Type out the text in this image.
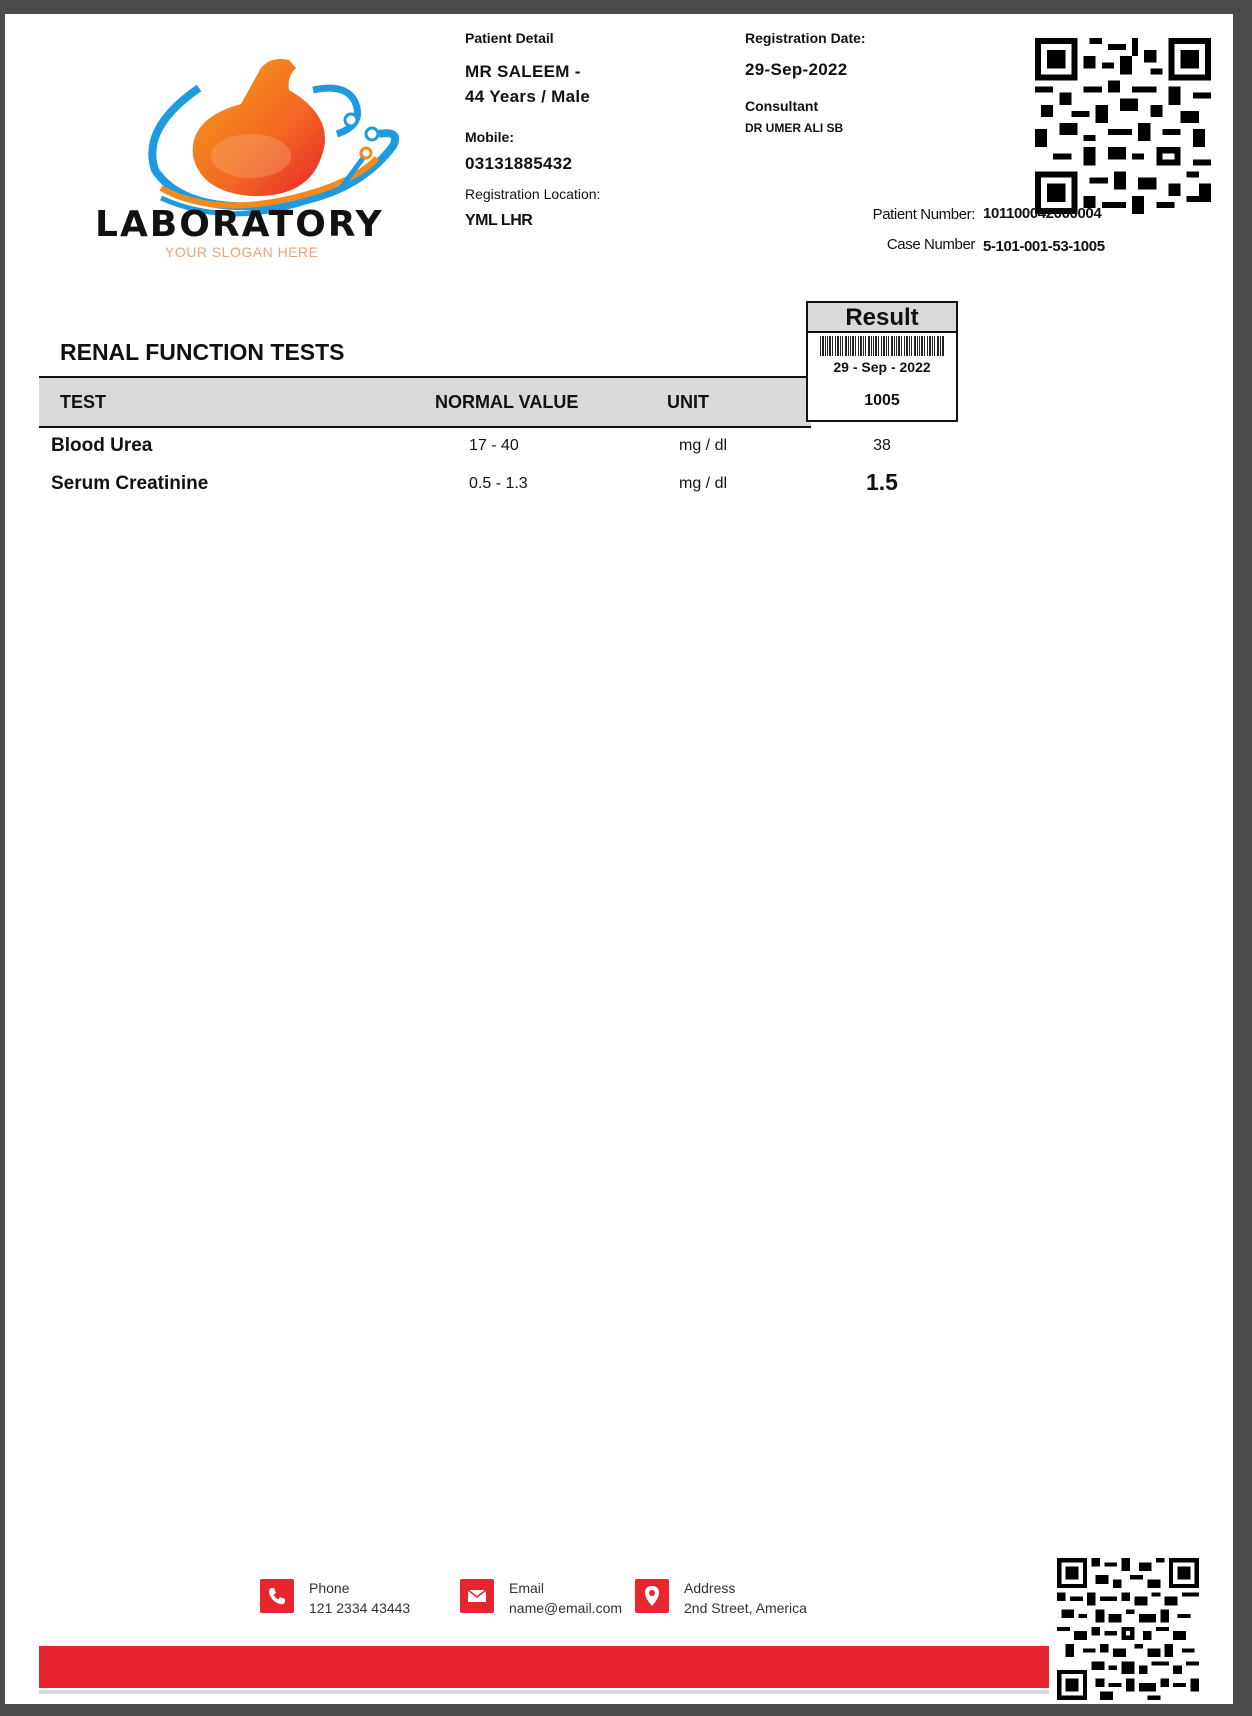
LABORATORY
YOUR SLOGAN HERE
Patient Detail
MR SALEEM -
44 Years / Male
Mobile:
03131885432
Registration Location:
YML LHR
Registration Date:
29-Sep-2022
Consultant
DR UMER ALI SB
Patient Number: 101100042000004
Case Number 5-101-001-53-1005
RENAL FUNCTION TESTS
TEST	NORMAL VALUE	UNIT
Result
29 - Sep - 2022
1005
Blood Urea	17 - 40	mg / dl	38
Serum Creatinine	0.5 - 1.3	mg / dl	1.5
Phone
121 2334 43443
Email
name@email.com
Address
2nd Street, America
